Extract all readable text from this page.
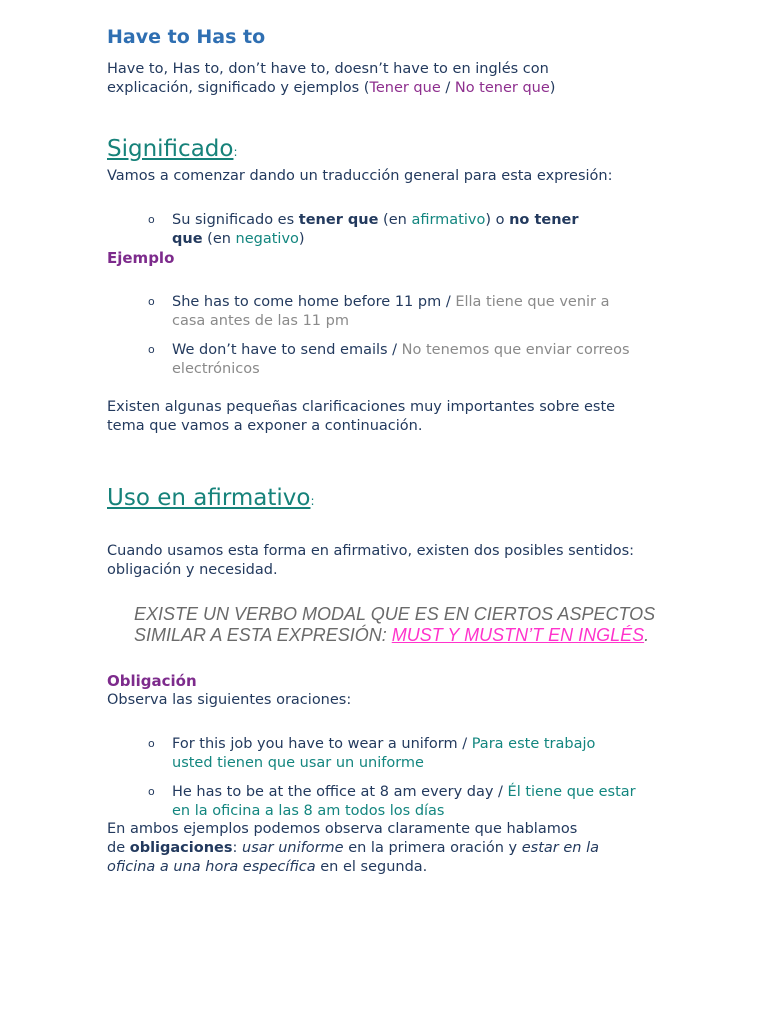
Have to Has to
Have to, Has to, don’t have to, doesn’t have to en inglés con
explicación, significado y ejemplos (Tener que / No tener que)
Significado:
Vamos a comenzar dando un traducción general para esta expresión:
o Su significado es tener que (en afirmativo) o no tener
que (en negativo)
Ejemplo
o She has to come home before 11 pm / Ella tiene que venir a
casa antes de las 11 pm
o We don’t have to send emails / No tenemos que enviar correos
electrónicos
Existen algunas pequeñas clarificaciones muy importantes sobre este
tema que vamos a exponer a continuación.
Uso en afirmativo:
Cuando usamos esta forma en afirmativo, existen dos posibles sentidos:
obligación y necesidad.
EXISTE UN VERBO MODAL QUE ES EN CIERTOS ASPECTOS
SIMILAR A ESTA EXPRESIÓN: MUST Y MUSTN’T EN INGLÉS.
Obligación
Observa las siguientes oraciones:
o For this job you have to wear a uniform / Para este trabajo
usted tienen que usar un uniforme
o He has to be at the office at 8 am every day / Él tiene que estar
en la oficina a las 8 am todos los días
En ambos ejemplos podemos observa claramente que hablamos
de obligaciones: usar uniforme en la primera oración y estar en la
oficina a una hora específica en el segunda.
